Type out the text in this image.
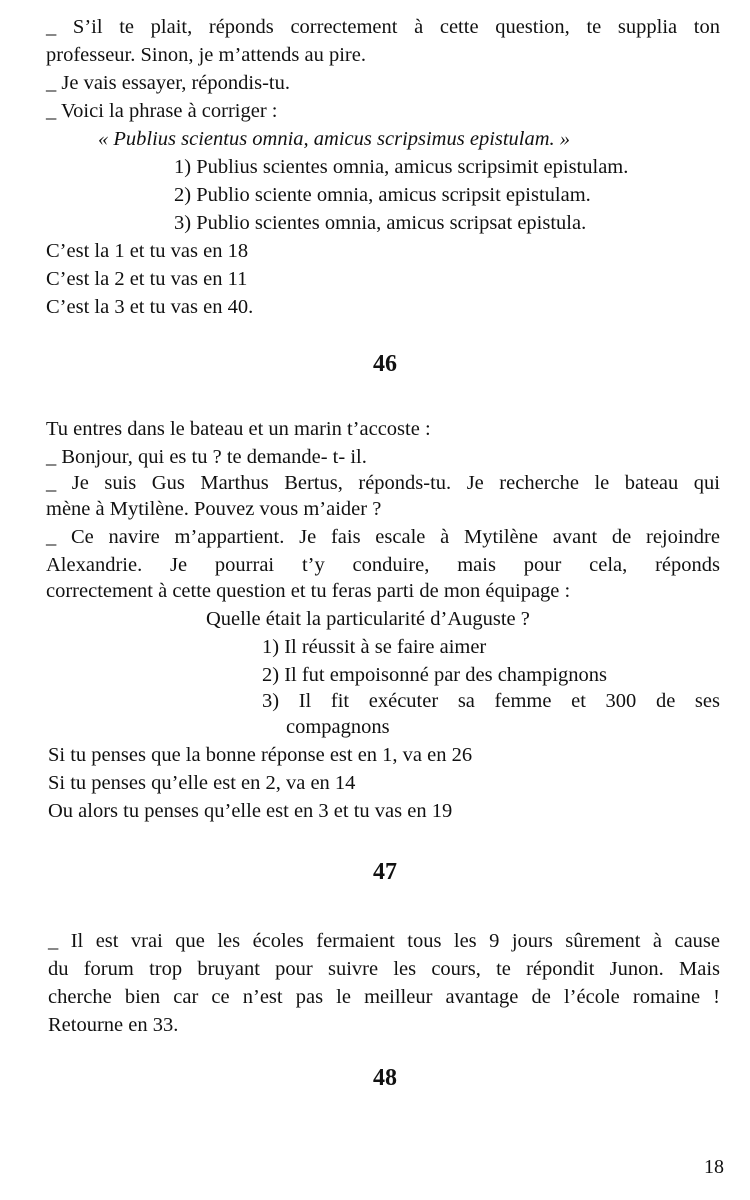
_ S’il te plait, réponds correctement à cette question, te supplia ton
professeur. Sinon, je m’attends au pire.
_ Je vais essayer, répondis-tu.
_ Voici la phrase à corriger :
« Publius scientus omnia, amicus scripsimus epistulam. »
1) Publius scientes omnia, amicus scripsimit epistulam.
2) Publio sciente omnia, amicus scripsit epistulam.
3) Publio scientes omnia, amicus scripsat epistula.
C’est la 1 et tu vas en 18
C’est la 2 et tu vas en 11
C’est la 3 et tu vas en 40.
46
Tu entres dans le bateau et un marin t’accoste :
_ Bonjour, qui es tu ? te demande- t- il.
_ Je suis Gus Marthus Bertus, réponds-tu. Je recherche le bateau qui
mène à Mytilène. Pouvez vous m’aider ?
_ Ce navire m’appartient. Je fais escale à Mytilène avant de rejoindre
Alexandrie. Je pourrai t’y conduire, mais pour cela, réponds
correctement à cette question et tu feras parti de mon équipage :
Quelle était la particularité d’Auguste ?
1) Il réussit à se faire aimer
2) Il fut empoisonné par des champignons
3) Il fit exécuter sa femme et 300 de ses
compagnons
Si tu penses que la bonne réponse est en 1, va en 26
Si tu penses qu’elle est en 2, va en 14
Ou alors tu penses qu’elle est en 3 et tu vas en 19
47
_ Il est vrai que les écoles fermaient tous les 9 jours sûrement à cause
du forum trop bruyant pour suivre les cours, te répondit Junon. Mais
cherche bien car ce n’est pas le meilleur avantage de l’école romaine !
Retourne en 33.
48
18
